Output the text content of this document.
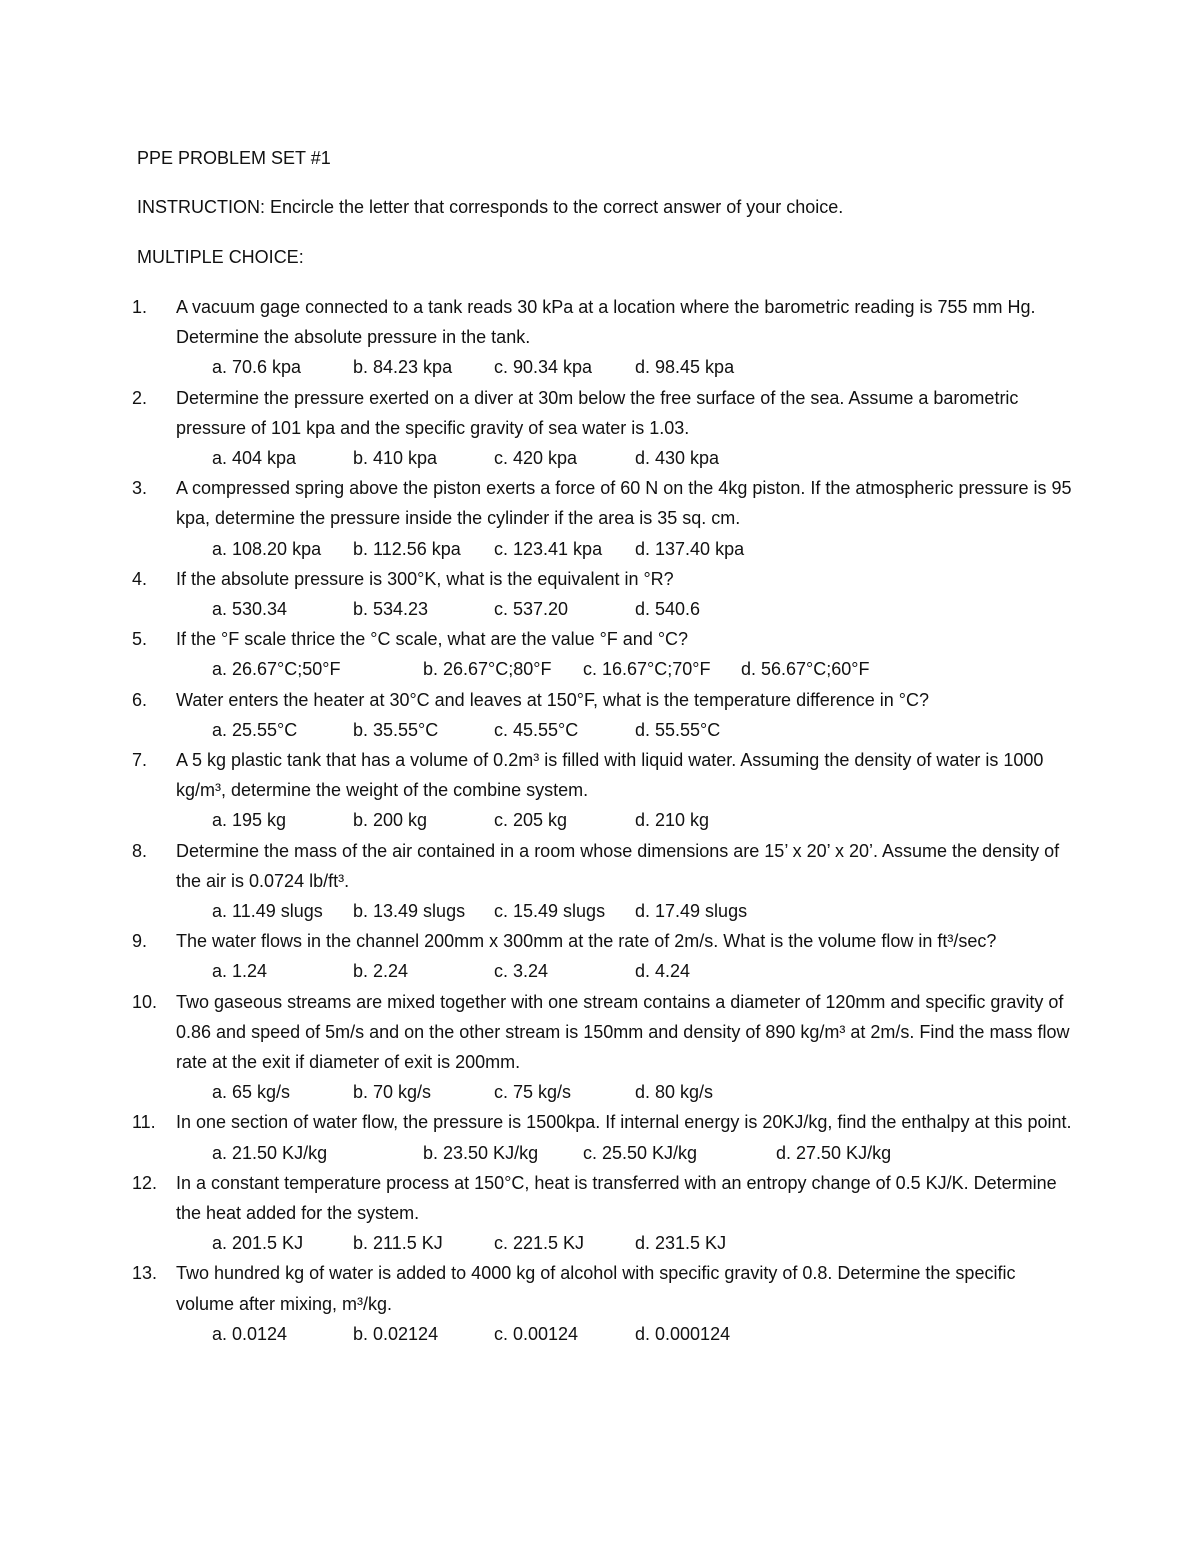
PPE PROBLEM SET #1
INSTRUCTION: Encircle the letter that corresponds to the correct answer of your choice.
MULTIPLE CHOICE:
1.	A vacuum gage connected to a tank reads 30 kPa at a location where the barometric reading is 755 mm Hg. Determine the absolute pressure in the tank.
a. 70.6 kpa	b. 84.23 kpa	c. 90.34 kpa	d. 98.45 kpa
2.	Determine the pressure exerted on a diver at 30m below the free surface of the sea. Assume a barometric pressure of 101 kpa and the specific gravity of sea water is 1.03.
a. 404 kpa	b. 410 kpa	c. 420 kpa	d. 430 kpa
3.	A compressed spring above the piston exerts a force of 60 N on the 4kg piston. If the atmospheric pressure is 95 kpa, determine the pressure inside the cylinder if the area is 35 sq. cm.
a. 108.20 kpa	b. 112.56 kpa	c. 123.41 kpa	d. 137.40 kpa
4.	If the absolute pressure is 300°K, what is the equivalent in °R?
a. 530.34	b. 534.23	c. 537.20	d. 540.6
5.	If the °F scale thrice the °C scale, what are the value °F and °C?
a. 26.67°C;50°F	b. 26.67°C;80°F	c. 16.67°C;70°F	d. 56.67°C;60°F
6.	Water enters the heater at 30°C and leaves at 150°F, what is the temperature difference in °C?
a. 25.55°C	b. 35.55°C	c. 45.55°C	d. 55.55°C
7.	A 5 kg plastic tank that has a volume of 0.2m³ is filled with liquid water. Assuming the density of water is 1000 kg/m³, determine the weight of the combine system.
a. 195 kg	b. 200 kg	c. 205 kg	d. 210 kg
8.	Determine the mass of the air contained in a room whose dimensions are 15’ x 20’ x 20’. Assume the density of the air is 0.0724 lb/ft³.
a. 11.49 slugs	b. 13.49 slugs	c. 15.49 slugs	d. 17.49 slugs
9.	The water flows in the channel 200mm x 300mm at the rate of 2m/s. What is the volume flow in ft³/sec?
a. 1.24	b. 2.24	c. 3.24	d. 4.24
10.	Two gaseous streams are mixed together with one stream contains a diameter of 120mm and specific gravity of 0.86 and speed of 5m/s and on the other stream is 150mm and density of 890 kg/m³ at 2m/s. Find the mass flow rate at the exit if diameter of exit is 200mm.
a. 65 kg/s	b. 70 kg/s	c. 75 kg/s	d. 80 kg/s
11.	In one section of water flow, the pressure is 1500kpa. If internal energy is 20KJ/kg, find the enthalpy at this point.
a. 21.50 KJ/kg	b. 23.50 KJ/kg	c. 25.50 KJ/kg	d. 27.50 KJ/kg
12.	In a constant temperature process at 150°C, heat is transferred with an entropy change of 0.5 KJ/K. Determine the heat added for the system.
a. 201.5 KJ	b. 211.5 KJ	c. 221.5 KJ	d. 231.5 KJ
13.	Two hundred kg of water is added to 4000 kg of alcohol with specific gravity of 0.8. Determine the specific volume after mixing, m³/kg.
a. 0.0124	b. 0.02124	c. 0.00124	d. 0.000124
